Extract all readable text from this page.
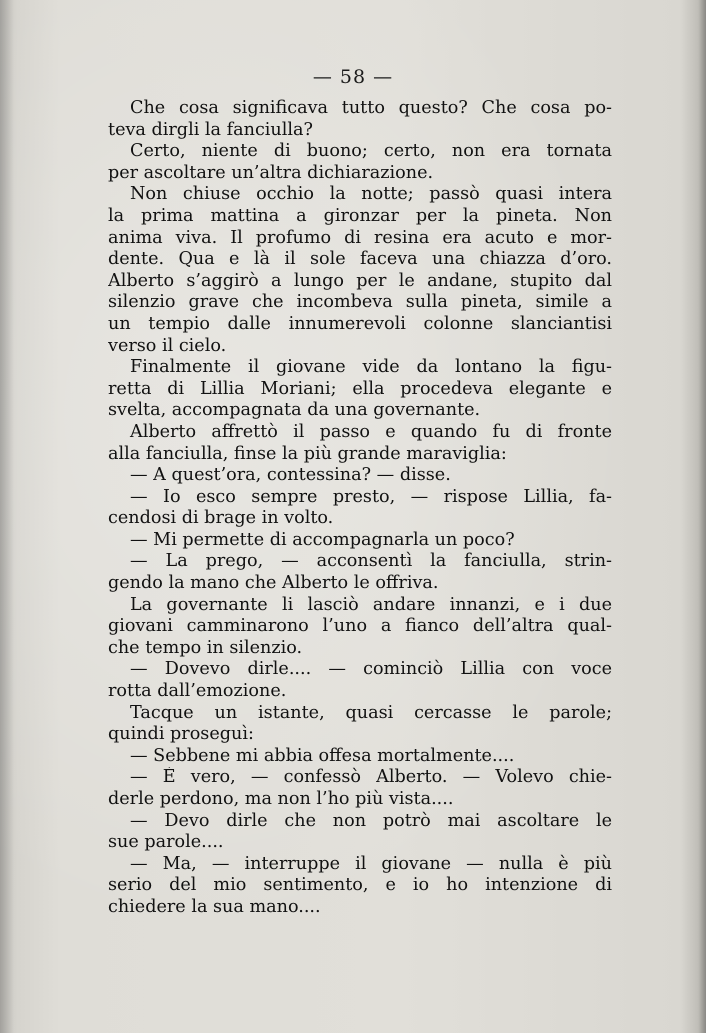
— 58 —
Che cosa significava tutto questo? Che cosa po-
teva dirgli la fanciulla?
Certo, niente di buono; certo, non era tornata
per ascoltare un’altra dichiarazione.
Non chiuse occhio la notte; passò quasi intera
la prima mattina a gironzar per la pineta. Non
anima viva. Il profumo di resina era acuto e mor-
dente. Qua e là il sole faceva una chiazza d’oro.
Alberto s’aggirò a lungo per le andane, stupito dal
silenzio grave che incombeva sulla pineta, simile a
un tempio dalle innumerevoli colonne slanciantisi
verso il cielo.
Finalmente il giovane vide da lontano la figu-
retta di Lillia Moriani; ella procedeva elegante e
svelta, accompagnata da una governante.
Alberto affrettò il passo e quando fu di fronte
alla fanciulla, finse la più grande maraviglia:
— A quest’ora, contessina? — disse.
— Io esco sempre presto, — rispose Lillia, fa-
cendosi di brage in volto.
— Mi permette di accompagnarla un poco?
— La prego, — acconsentì la fanciulla, strin-
gendo la mano che Alberto le offriva.
La governante li lasciò andare innanzi, e i due
giovani camminarono l’uno a fianco dell’altra qual-
che tempo in silenzio.
— Dovevo dirle.... — cominciò Lillia con voce
rotta dall’emozione.
Tacque un istante, quasi cercasse le parole;
quindi proseguì:
— Sebbene mi abbia offesa mortalmente....
— È vero, — confessò Alberto. — Volevo chie-
derle perdono, ma non l’ho più vista....
— Devo dirle che non potrò mai ascoltare le
sue parole....
— Ma, — interruppe il giovane — nulla è più
serio del mio sentimento, e io ho intenzione di
chiedere la sua mano....
